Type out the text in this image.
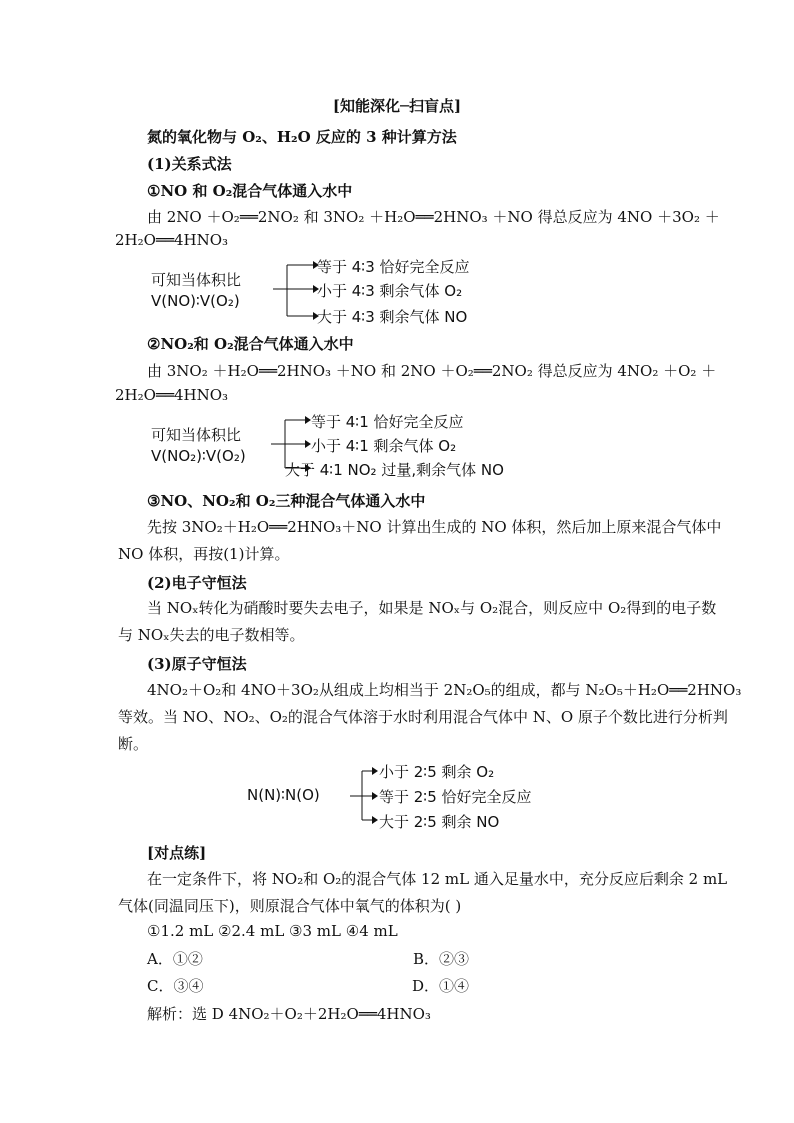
[知能深化─扫盲点]
氮的氧化物与 O₂、H₂O 反应的 3 种计算方法
(1)关系式法
①NO 和 O₂混合气体通入水中
由 2NO ＋O₂══2NO₂ 和 3NO₂ ＋H₂O══2HNO₃ ＋NO 得总反应为 4NO ＋3O₂ ＋
2H₂O══4HNO₃
可知当体积比
V(NO)∶V(O₂)
等于 4∶3 恰好完全反应
小于 4∶3 剩余气体 O₂
大于 4∶3 剩余气体 NO
②NO₂和 O₂混合气体通入水中
由 3NO₂ ＋H₂O══2HNO₃ ＋NO 和 2NO ＋O₂══2NO₂ 得总反应为 4NO₂ ＋O₂ ＋
2H₂O══4HNO₃
可知当体积比
V(NO₂)∶V(O₂)
等于 4∶1 恰好完全反应
小于 4∶1 剩余气体 O₂
大于 4∶1 NO₂ 过量,剩余气体 NO
③NO、NO₂和 O₂三种混合气体通入水中
先按 3NO₂＋H₂O══2HNO₃＋NO 计算出生成的 NO 体积，然后加上原来混合气体中
NO 体积，再按(1)计算。
(2)电子守恒法
当 NOₓ转化为硝酸时要失去电子，如果是 NOₓ与 O₂混合，则反应中 O₂得到的电子数
与 NOₓ失去的电子数相等。
(3)原子守恒法
4NO₂＋O₂和 4NO＋3O₂从组成上均相当于 2N₂O₅的组成，都与 N₂O₅＋H₂O══2HNO₃
等效。当 NO、NO₂、O₂的混合气体溶于水时利用混合气体中 N、O 原子个数比进行分析判
断。
N(N)∶N(O)
小于 2∶5 剩余 O₂
等于 2∶5 恰好完全反应
大于 2∶5 剩余 NO
[对点练]
在一定条件下，将 NO₂和 O₂的混合气体 12 mL 通入足量水中，充分反应后剩余 2 mL
气体(同温同压下)，则原混合气体中氧气的体积为( )
①1.2 mL ②2.4 mL ③3 mL ④4 mL
A．①②	B．②③
C．③④	D．①④
解析：选 D 4NO₂＋O₂＋2H₂O══4HNO₃
